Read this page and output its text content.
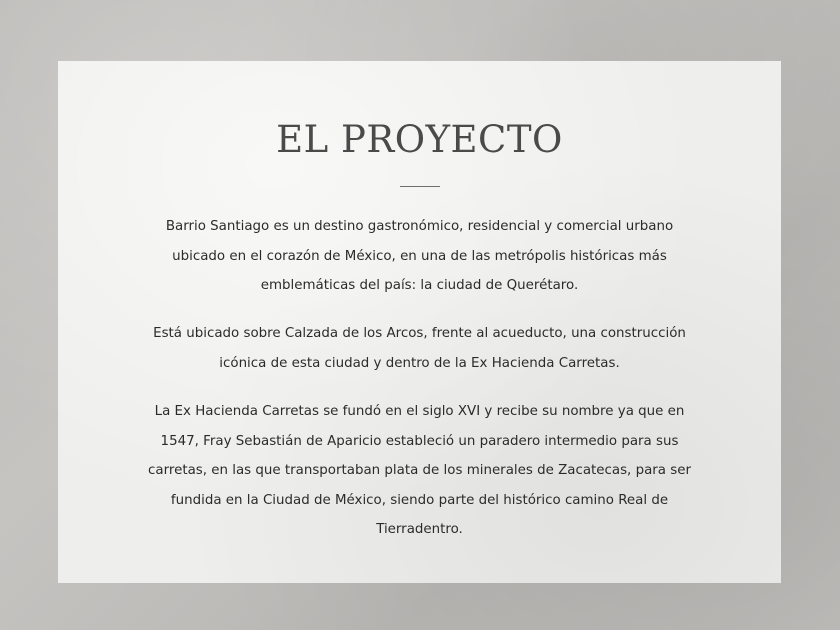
EL PROYECTO

Barrio Santiago es un destino gastronómico, residencial y comercial urbano
ubicado en el corazón de México, en una de las metrópolis históricas más
emblemáticas del país: la ciudad de Querétaro.

Está ubicado sobre Calzada de los Arcos, frente al acueducto, una construcción
icónica de esta ciudad y dentro de la Ex Hacienda Carretas.

La Ex Hacienda Carretas se fundó en el siglo XVI y recibe su nombre ya que en
1547, Fray Sebastián de Aparicio estableció un paradero intermedio para sus
carretas, en las que transportaban plata de los minerales de Zacatecas, para ser
fundida en la Ciudad de México, siendo parte del histórico camino Real de
Tierradentro.
